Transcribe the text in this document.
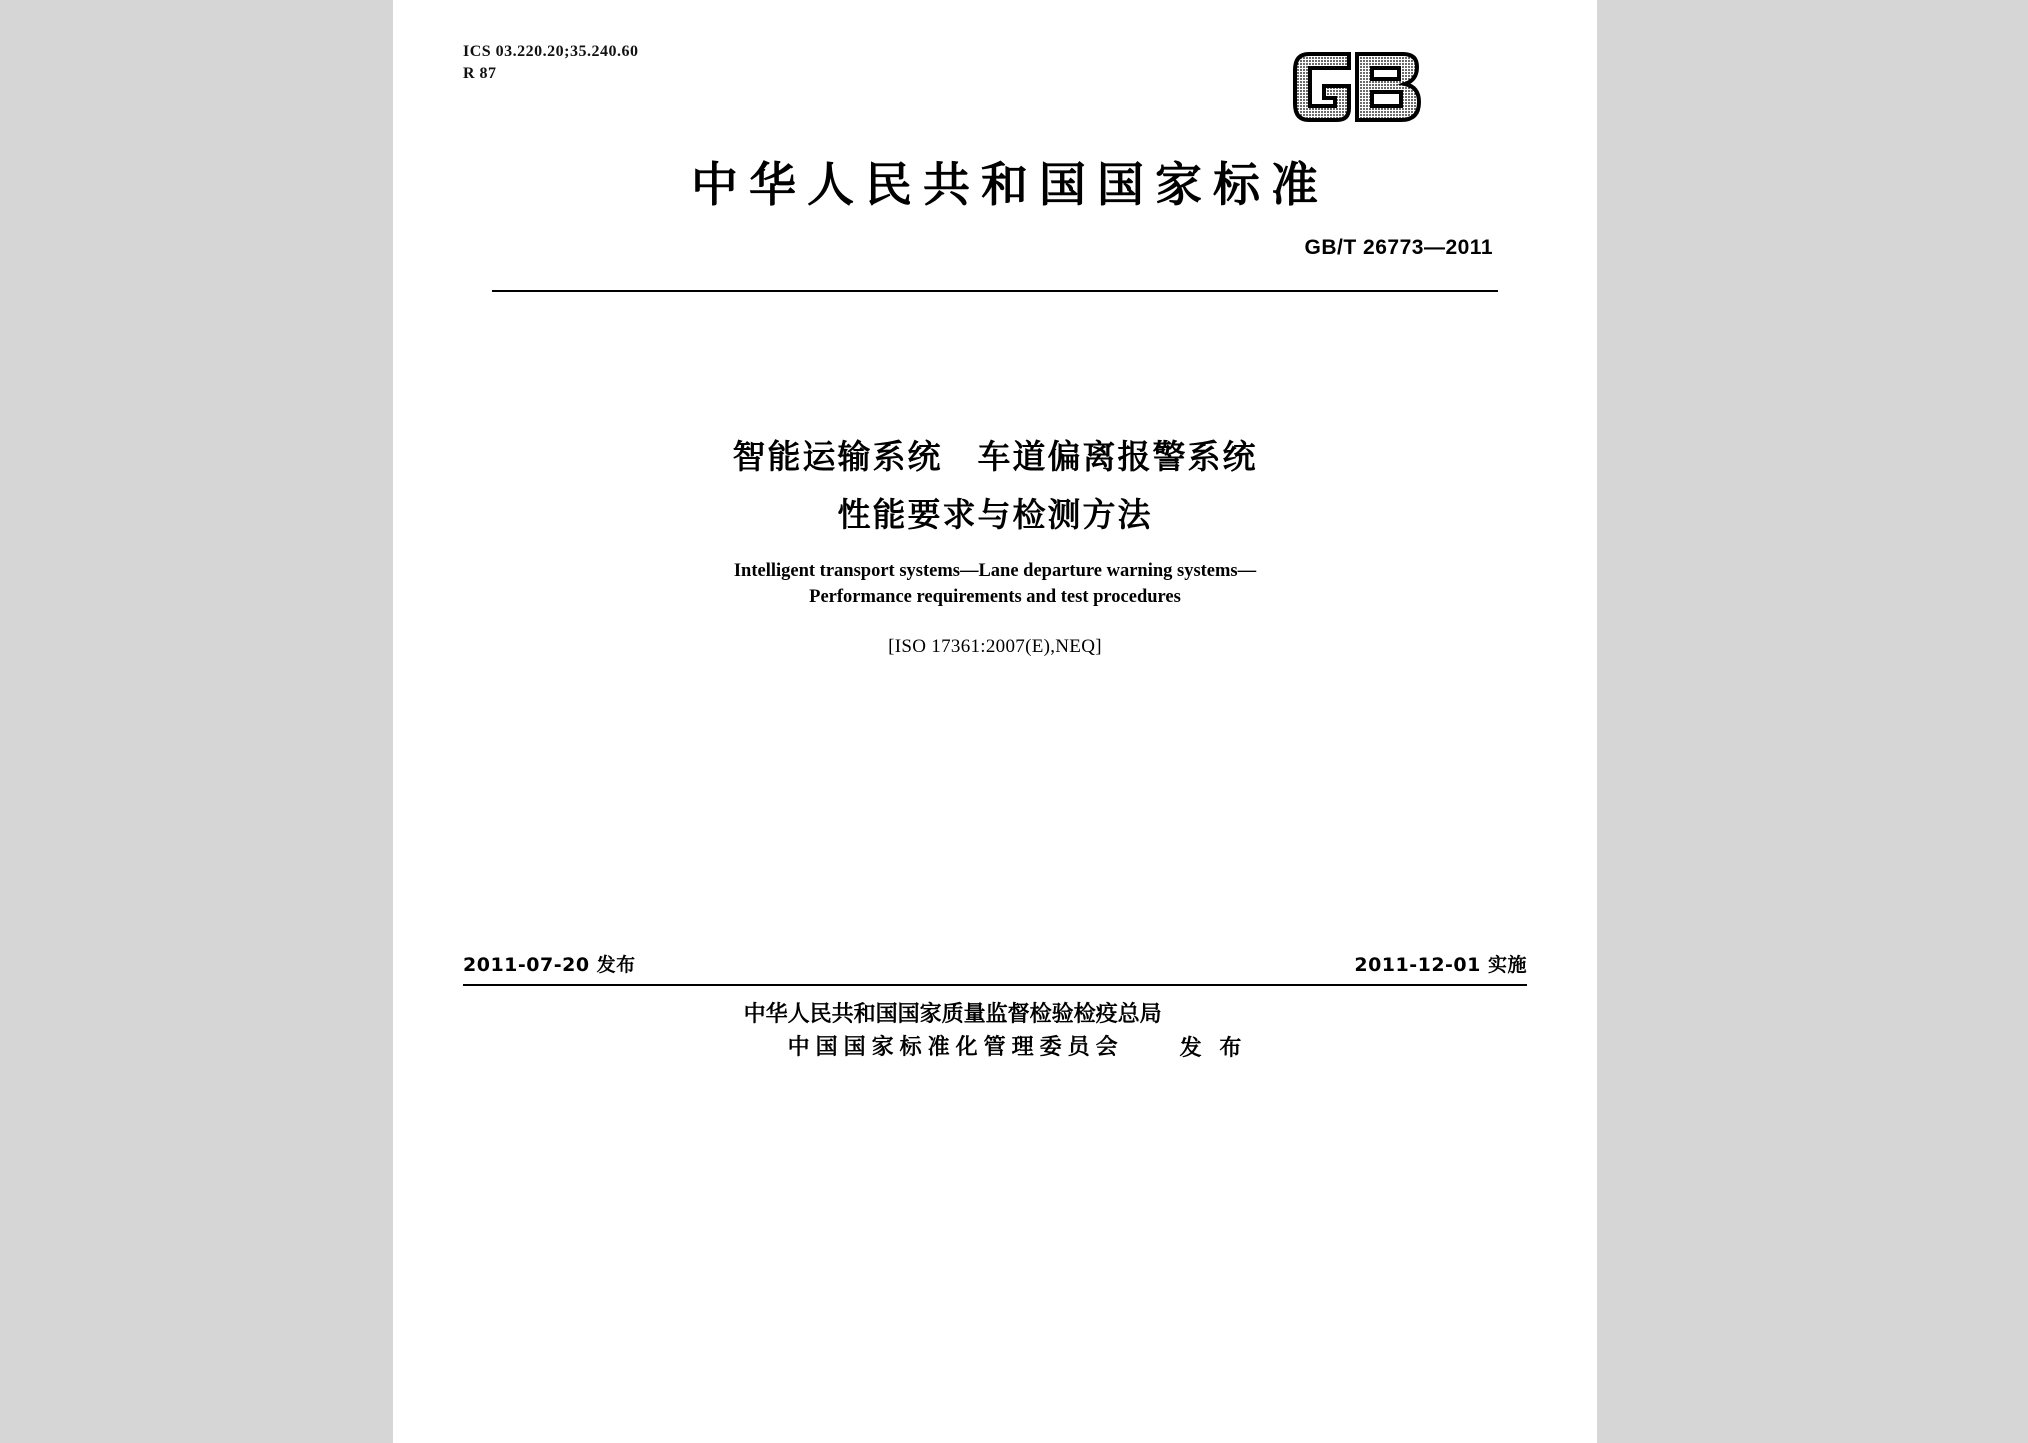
ICS 03.220.20;35.240.60
R 87
中华人民共和国国家标准
GB/T 26773—2011
智能运输系统　车道偏离报警系统
性能要求与检测方法
Intelligent transport systems—Lane departure warning systems—
Performance requirements and test procedures
[ISO 17361:2007(E),NEQ]
2011-07-20 发布	2011-12-01 实施
中华人民共和国国家质量监督检验检疫总局
中国国家标准化管理委员会	发 布
